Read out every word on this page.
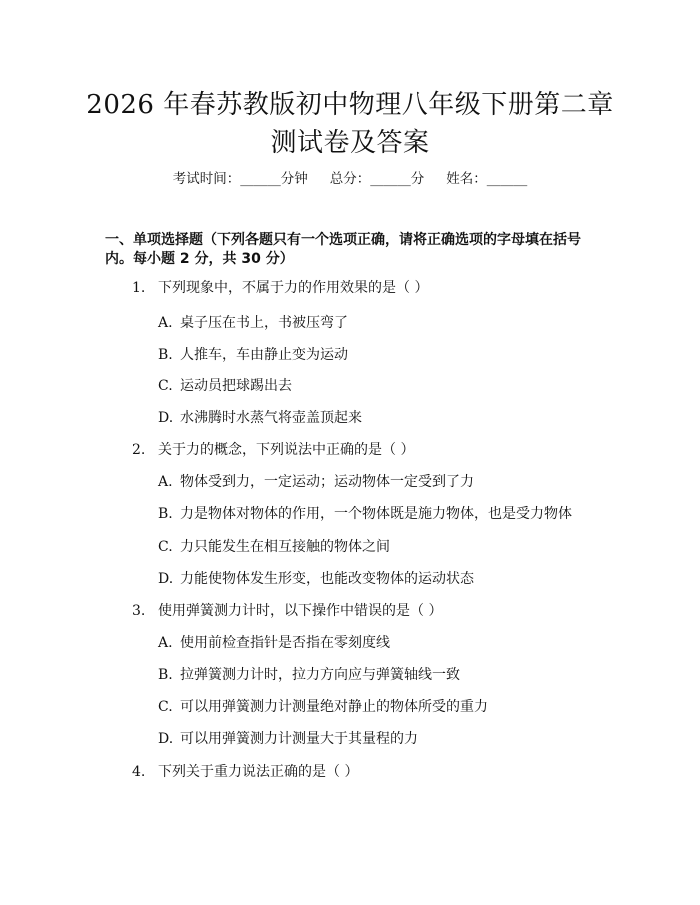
2026 年春苏教版初中物理八年级下册第二章
测试卷及答案
考试时间：______分钟 总分：______分 姓名：______
一、单项选择题（下列各题只有一个选项正确，请将正确选项的字母填在括号
内。每小题 2 分，共 30 分）
1. 下列现象中，不属于力的作用效果的是（ ）
A. 桌子压在书上，书被压弯了
B. 人推车，车由静止变为运动
C. 运动员把球踢出去
D. 水沸腾时水蒸气将壶盖顶起来
2. 关于力的概念，下列说法中正确的是（ ）
A. 物体受到力，一定运动；运动物体一定受到了力
B. 力是物体对物体的作用，一个物体既是施力物体，也是受力物体
C. 力只能发生在相互接触的物体之间
D. 力能使物体发生形变，也能改变物体的运动状态
3. 使用弹簧测力计时，以下操作中错误的是（ ）
A. 使用前检查指针是否指在零刻度线
B. 拉弹簧测力计时，拉力方向应与弹簧轴线一致
C. 可以用弹簧测力计测量绝对静止的物体所受的重力
D. 可以用弹簧测力计测量大于其量程的力
4. 下列关于重力说法正确的是（ ）
